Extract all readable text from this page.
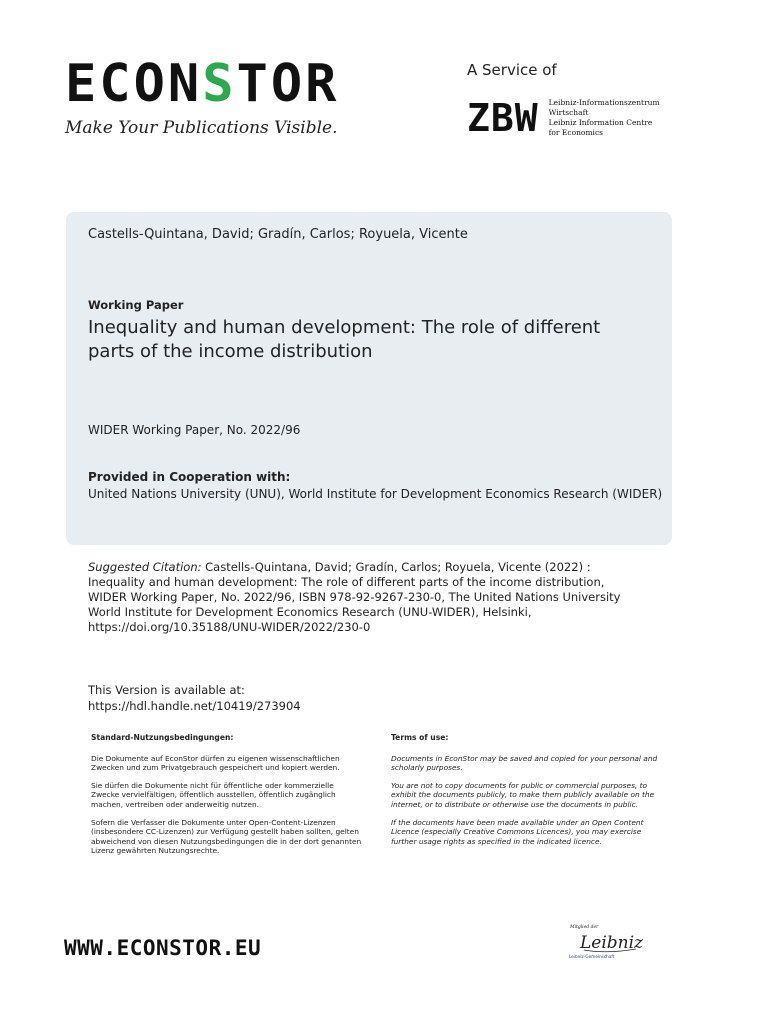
ECONSTOR
Make Your Publications Visible.
A Service of
ZBW Leibniz-Informationszentrum
Wirtschaft
Leibniz Information Centre
for Economics
Castells-Quintana, David; Gradín, Carlos; Royuela, Vicente
Working Paper
Inequality and human development: The role of different parts of the income distribution
WIDER Working Paper, No. 2022/96
Provided in Cooperation with:
United Nations University (UNU), World Institute for Development Economics Research (WIDER)
Suggested Citation: Castells-Quintana, David; Gradín, Carlos; Royuela, Vicente (2022) : Inequality and human development: The role of different parts of the income distribution, WIDER Working Paper, No. 2022/96, ISBN 978-92-9267-230-0, The United Nations University World Institute for Development Economics Research (UNU-WIDER), Helsinki, https://doi.org/10.35188/UNU-WIDER/2022/230-0
This Version is available at:
https://hdl.handle.net/10419/273904
Standard-Nutzungsbedingungen:

Die Dokumente auf EconStor dürfen zu eigenen wissenschaftlichen Zwecken und zum Privatgebrauch gespeichert und kopiert werden.

Sie dürfen die Dokumente nicht für öffentliche oder kommerzielle Zwecke vervielfältigen, öffentlich ausstellen, öffentlich zugänglich machen, vertreiben oder anderweitig nutzen.

Sofern die Verfasser die Dokumente unter Open-Content-Lizenzen (insbesondere CC-Lizenzen) zur Verfügung gestellt haben sollten, gelten abweichend von diesen Nutzungsbedingungen die in der dort genannten Lizenz gewährten Nutzungsrechte.

Terms of use:

Documents in EconStor may be saved and copied for your personal and scholarly purposes.

You are not to copy documents for public or commercial purposes, to exhibit the documents publicly, to make them publicly available on the internet, or to distribute or otherwise use the documents in public.

If the documents have been made available under an Open Content Licence (especially Creative Commons Licences), you may exercise further usage rights as specified in the indicated licence.

WWW.ECONSTOR.EU
Mitglied der
Leibniz
Leibniz-Gemeinschaft
